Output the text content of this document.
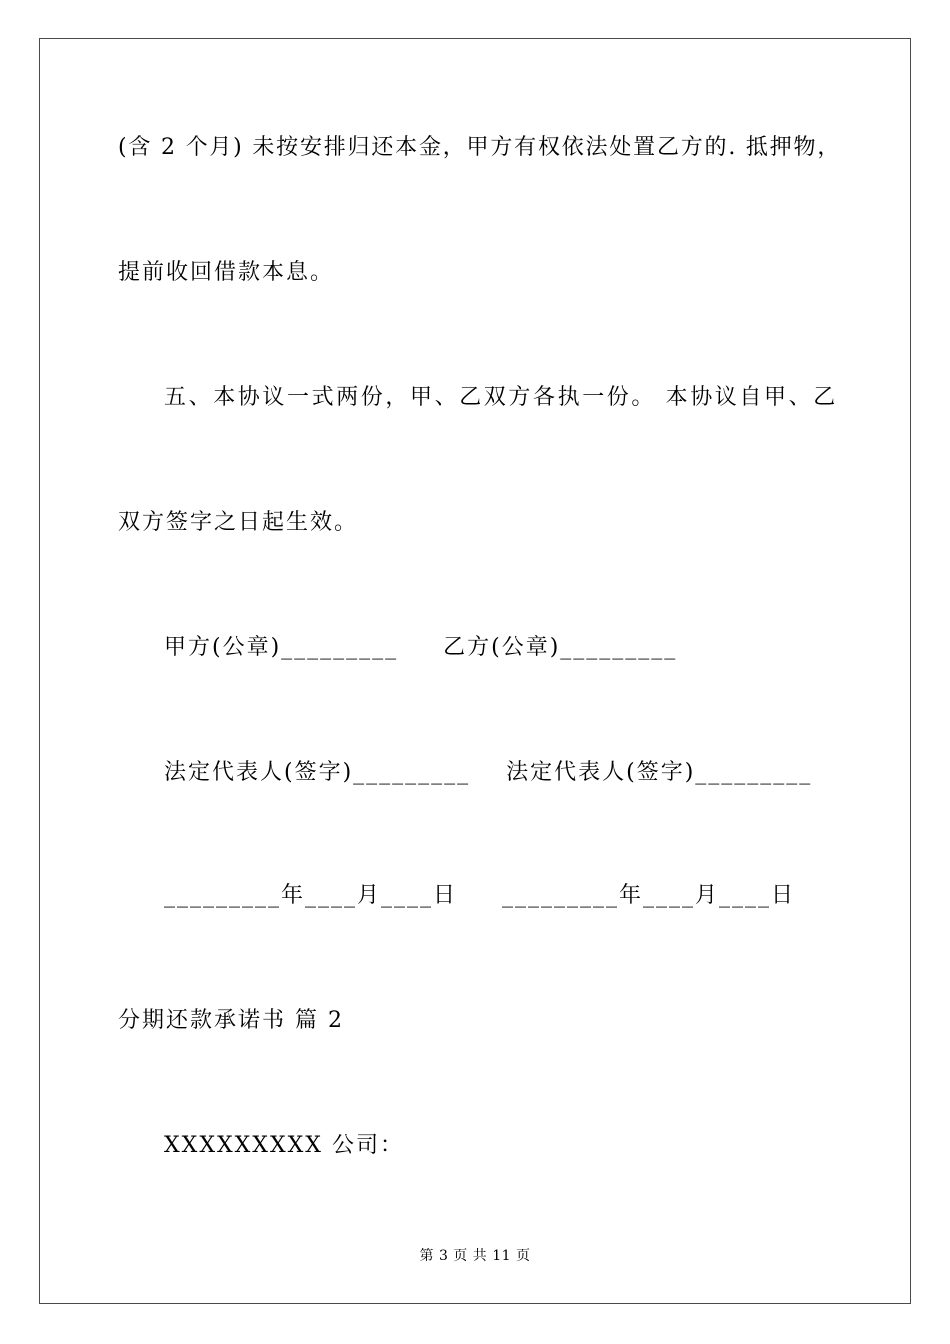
(含 2 个月) 未按安排归还本金，甲方有权依法处置乙方的. 抵押物，
提前收回借款本息。
五、本协议一式两份，甲、乙双方各执一份。 本协议自甲、乙
双方签字之日起生效。
甲方(公章)_________     乙方(公章)_________
法定代表人(签字)_________    法定代表人(签字)_________
_________年____月____日     _________年____月____日
分期还款承诺书 篇 2
XXXXXXXXX 公司：
第 3 页 共 11 页
